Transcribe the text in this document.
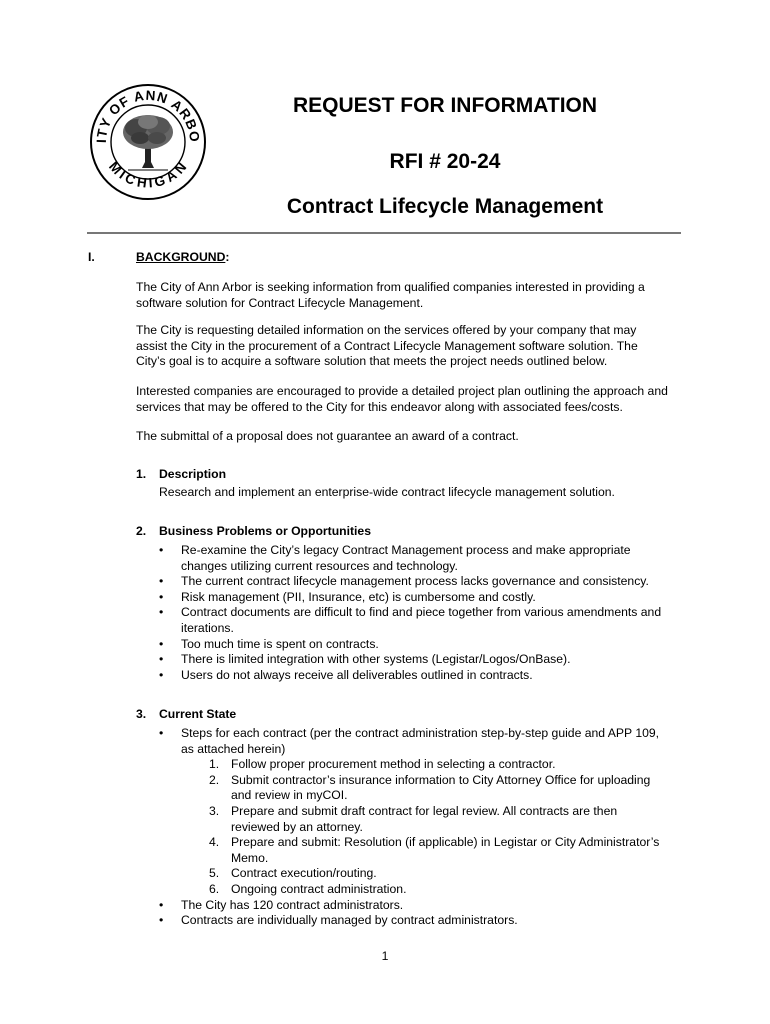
ITY OF ANN ARBO
MICHIGAN
REQUEST FOR INFORMATION
RFI # 20-24
Contract Lifecycle Management
I.	BACKGROUND:
The City of Ann Arbor is seeking information from qualified companies interested in providing a
software solution for Contract Lifecycle Management.
The City is requesting detailed information on the services offered by your company that may
assist the City in the procurement of a Contract Lifecycle Management software solution. The
City’s goal is to acquire a software solution that meets the project needs outlined below.
Interested companies are encouraged to provide a detailed project plan outlining the approach and
services that may be offered to the City for this endeavor along with associated fees/costs.
The submittal of a proposal does not guarantee an award of a contract.
1. Description
Research and implement an enterprise-wide contract lifecycle management solution.
2. Business Problems or Opportunities
• Re-examine the City’s legacy Contract Management process and make appropriate
changes utilizing current resources and technology.
• The current contract lifecycle management process lacks governance and consistency.
• Risk management (PII, Insurance, etc) is cumbersome and costly.
• Contract documents are difficult to find and piece together from various amendments and
iterations.
• Too much time is spent on contracts.
• There is limited integration with other systems (Legistar/Logos/OnBase).
• Users do not always receive all deliverables outlined in contracts.
3. Current State
• Steps for each contract (per the contract administration step-by-step guide and APP 109,
as attached herein)
1. Follow proper procurement method in selecting a contractor.
2. Submit contractor’s insurance information to City Attorney Office for uploading
and review in myCOI.
3. Prepare and submit draft contract for legal review. All contracts are then
reviewed by an attorney.
4. Prepare and submit: Resolution (if applicable) in Legistar or City Administrator’s
Memo.
5. Contract execution/routing.
6. Ongoing contract administration.
• The City has 120 contract administrators.
• Contracts are individually managed by contract administrators.
1
